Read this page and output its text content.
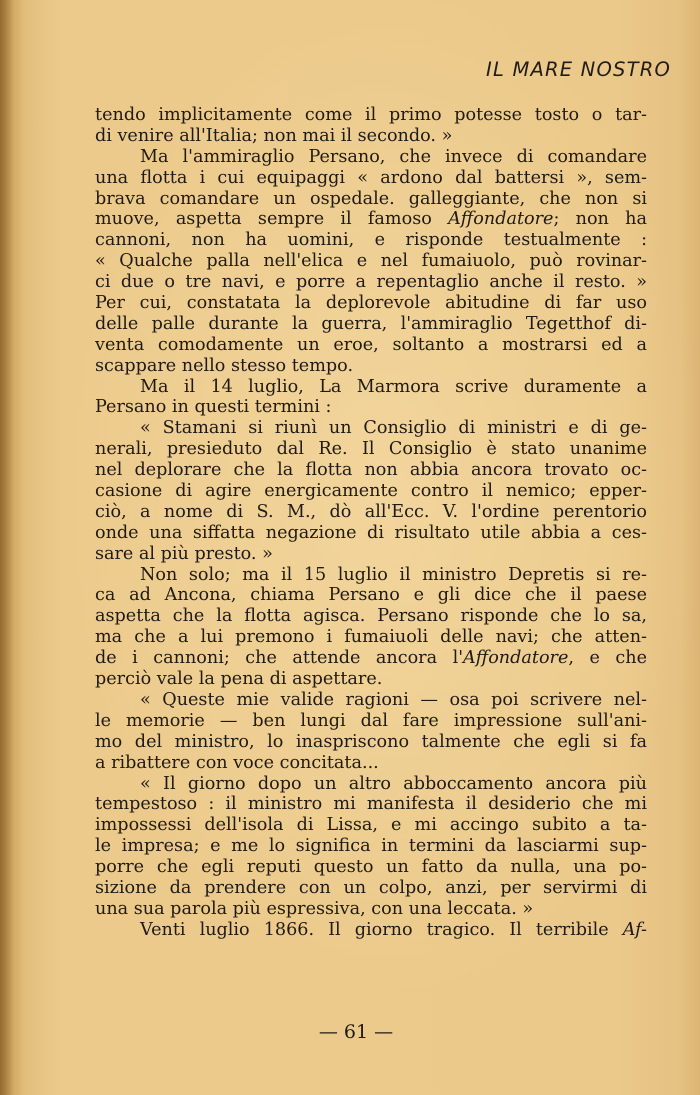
IL MARE NOSTRO
tendo implicitamente come il primo potesse tosto o tar-
di venire all'Italia; non mai il secondo. »
Ma l'ammiraglio Persano, che invece di comandare
una flotta i cui equipaggi « ardono dal battersi », sem-
brava comandare un ospedale. galleggiante, che non si
muove, aspetta sempre il famoso Affondatore; non ha
cannoni, non ha uomini, e risponde testualmente :
« Qualche palla nell'elica e nel fumaiuolo, può rovinar-
ci due o tre navi, e porre a repentaglio anche il resto. »
Per cui, constatata la deplorevole abitudine di far uso
delle palle durante la guerra, l'ammiraglio Tegetthof di-
venta comodamente un eroe, soltanto a mostrarsi ed a
scappare nello stesso tempo.
Ma il 14 luglio, La Marmora scrive duramente a
Persano in questi termini :
« Stamani si riunì un Consiglio di ministri e di ge-
nerali, presieduto dal Re. Il Consiglio è stato unanime
nel deplorare che la flotta non abbia ancora trovato oc-
casione di agire energicamente contro il nemico; epper-
ciò, a nome di S. M., dò all'Ecc. V. l'ordine perentorio
onde una siffatta negazione di risultato utile abbia a ces-
sare al più presto. »
Non solo; ma il 15 luglio il ministro Depretis si re-
ca ad Ancona, chiama Persano e gli dice che il paese
aspetta che la flotta agisca. Persano risponde che lo sa,
ma che a lui premono i fumaiuoli delle navi; che atten-
de i cannoni; che attende ancora l'Affondatore, e che
perciò vale la pena di aspettare.
« Queste mie valide ragioni — osa poi scrivere nel-
le memorie — ben lungi dal fare impressione sull'ani-
mo del ministro, lo inaspriscono talmente che egli si fa
a ribattere con voce concitata...
« Il giorno dopo un altro abboccamento ancora più
tempestoso : il ministro mi manifesta il desiderio che mi
impossessi dell'isola di Lissa, e mi accingo subito a ta-
le impresa; e me lo significa in termini da lasciarmi sup-
porre che egli reputi questo un fatto da nulla, una po-
sizione da prendere con un colpo, anzi, per servirmi di
una sua parola più espressiva, con una leccata. »
Venti luglio 1866. Il giorno tragico. Il terribile Af-
— 61 —
